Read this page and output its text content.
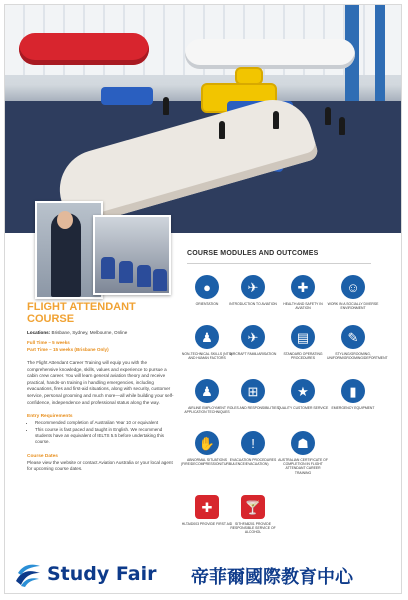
FLIGHT ATTENDANT
COURSE
Locations: Brisbane, Sydney, Melbourne, Online
Full Time – 5 weeks
Part Time – 15 weeks (Brisbane Only)
The Flight Attendant Career Training will equip you with the comprehensive knowledge, skills, values and experience to pursue a cabin crew career. You will learn general aviation theory and receive practical, hands-on training in handling emergencies, including evacuations, fires and first-aid situations, along with security, customer service, personal grooming and much more—all while building your self-confidence, independence and professional status along the way.
Entry Requirements
• Recommended completion of Australian Year 10 or equivalent
• This course is fast paced and taught in English. We recommend students have an equivalent of IELTS 5.5 before undertaking this course.
Course Dates
Please view the website or contact Aviation Australia or your local agent for upcoming course dates.
COURSE MODULES AND OUTCOMES
●
ORIENTATION
✈
INTRODUCTION TO AVIATION
✚
HEALTH AND SAFETY IN AVIATION
☺
WORK IN A SOCIALLY DIVERSE ENVIRONMENT
♟
NON-TECHNICAL SKILLS (NTS) AND HUMAN FACTORS
✈
AIRCRAFT FAMILIARISATION
▤
STANDARD OPERATING PROCEDURES
✎
STYLING/GROOMING, UNIFORM/GROOMING/DEPORTMENT
♟
AIRLINE EMPLOYMENT APPLICATION TECHNIQUES
⊞
ROLES AND RESPONSIBILITIES
★
QUALITY CUSTOMER SERVICE
▮
EMERGENCY EQUIPMENT
✋
ABNORMAL SITUATIONS (FIRE/DECOMPRESSION/TURBULENCE/EVACUATION)
!
EVACUATION PROCEDURES
☗
AUSTRALIAN CERTIFICATE OF COMPLETION IN FLIGHT ATTENDANT CAREER TRAINING
✚
HLTAID003 PROVIDE FIRST AID
🍸
SITHFAB201 PROVIDE RESPONSIBLE SERVICE OF ALCOHOL
Study Fair 帝菲爾國際教育中心
